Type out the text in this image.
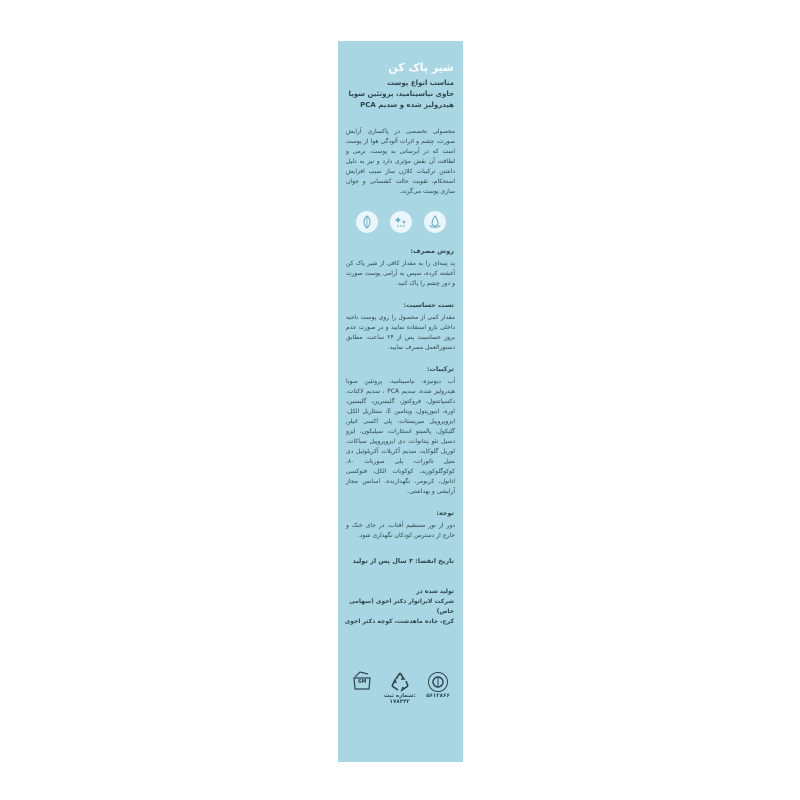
شیر پاک کن
مناسب انواع پوست
حاوی نیاسینامید، پروتئین سویا
هیدرولیز شده و سدیم PCA
محصولی تخصصی در پاکسازی آرایش صورت، چشم و اثرات آلودگی هوا از پوست است که در آبرسانی به پوست، نرمی و لطافت آن نقش مؤثری دارد و نیز به دلیل داشتن ترکیبات کلاژن ساز سبب افزایش استحکام، تقویت حالت کشسانی و جوان سازی پوست می‌گردد.
روش مصرف:
پد پنبه‌ای را به مقدار کافی از شیر پاک کن آغشته کرده، سپس به آرامی پوست صورت و دور چشم را پاک کنید.
تست حساسیت:
مقدار کمی از محصول را روی پوست ناحیه داخلی بازو استفاده نمایید و در صورت عدم بروز حساسیت پس از ۲۴ ساعت، مطابق دستورالعمل مصرف نمایید.
ترکیبات:
آب دیونیزه، نیاسینامید، پروتئین سویا هیدرولیز شده، سدیم PCA ، سدیم لاکتات، دکسپانتنول، فروکتوز، گلیسرین، گلیسین، اوره، اینوزیتول، ویتامین E، ستئاریل الکل، ایزوپروپیل میریستات، پلی اکسی اتیلن گلیکول، پالمیتو استئارات، سیلیکون، ایزو دسیل نئو پنتانوات، دی ایزوپروپیل سباکات، لوریل گلوکاید، سدیم آکریلات آکریلوئیل دی متیل تائورات، پلی سوربات ۸۰، کوکوگلوکوزید، کوکونات الکل، فنوکسی اتانول، کربومر، نگهدارنده، اسانس مجاز آرایشی و بهداشتی.
توجه:
دور از نور مستقیم آفتاب، در جای خنک و خارج از دسترس کودکان نگهداری شود.
تاریخ انقضا: ۳ سال پس از تولید
تولید شده در
شرکت لابراتوار دکتر اخوی (سهامی خاص)
کرج، جاده ماهدشت، کوچه دکتر اخوی
6M
شماره ثبت:
۱۷۸۳۴۲
۵۶۱۲۸۶۶
